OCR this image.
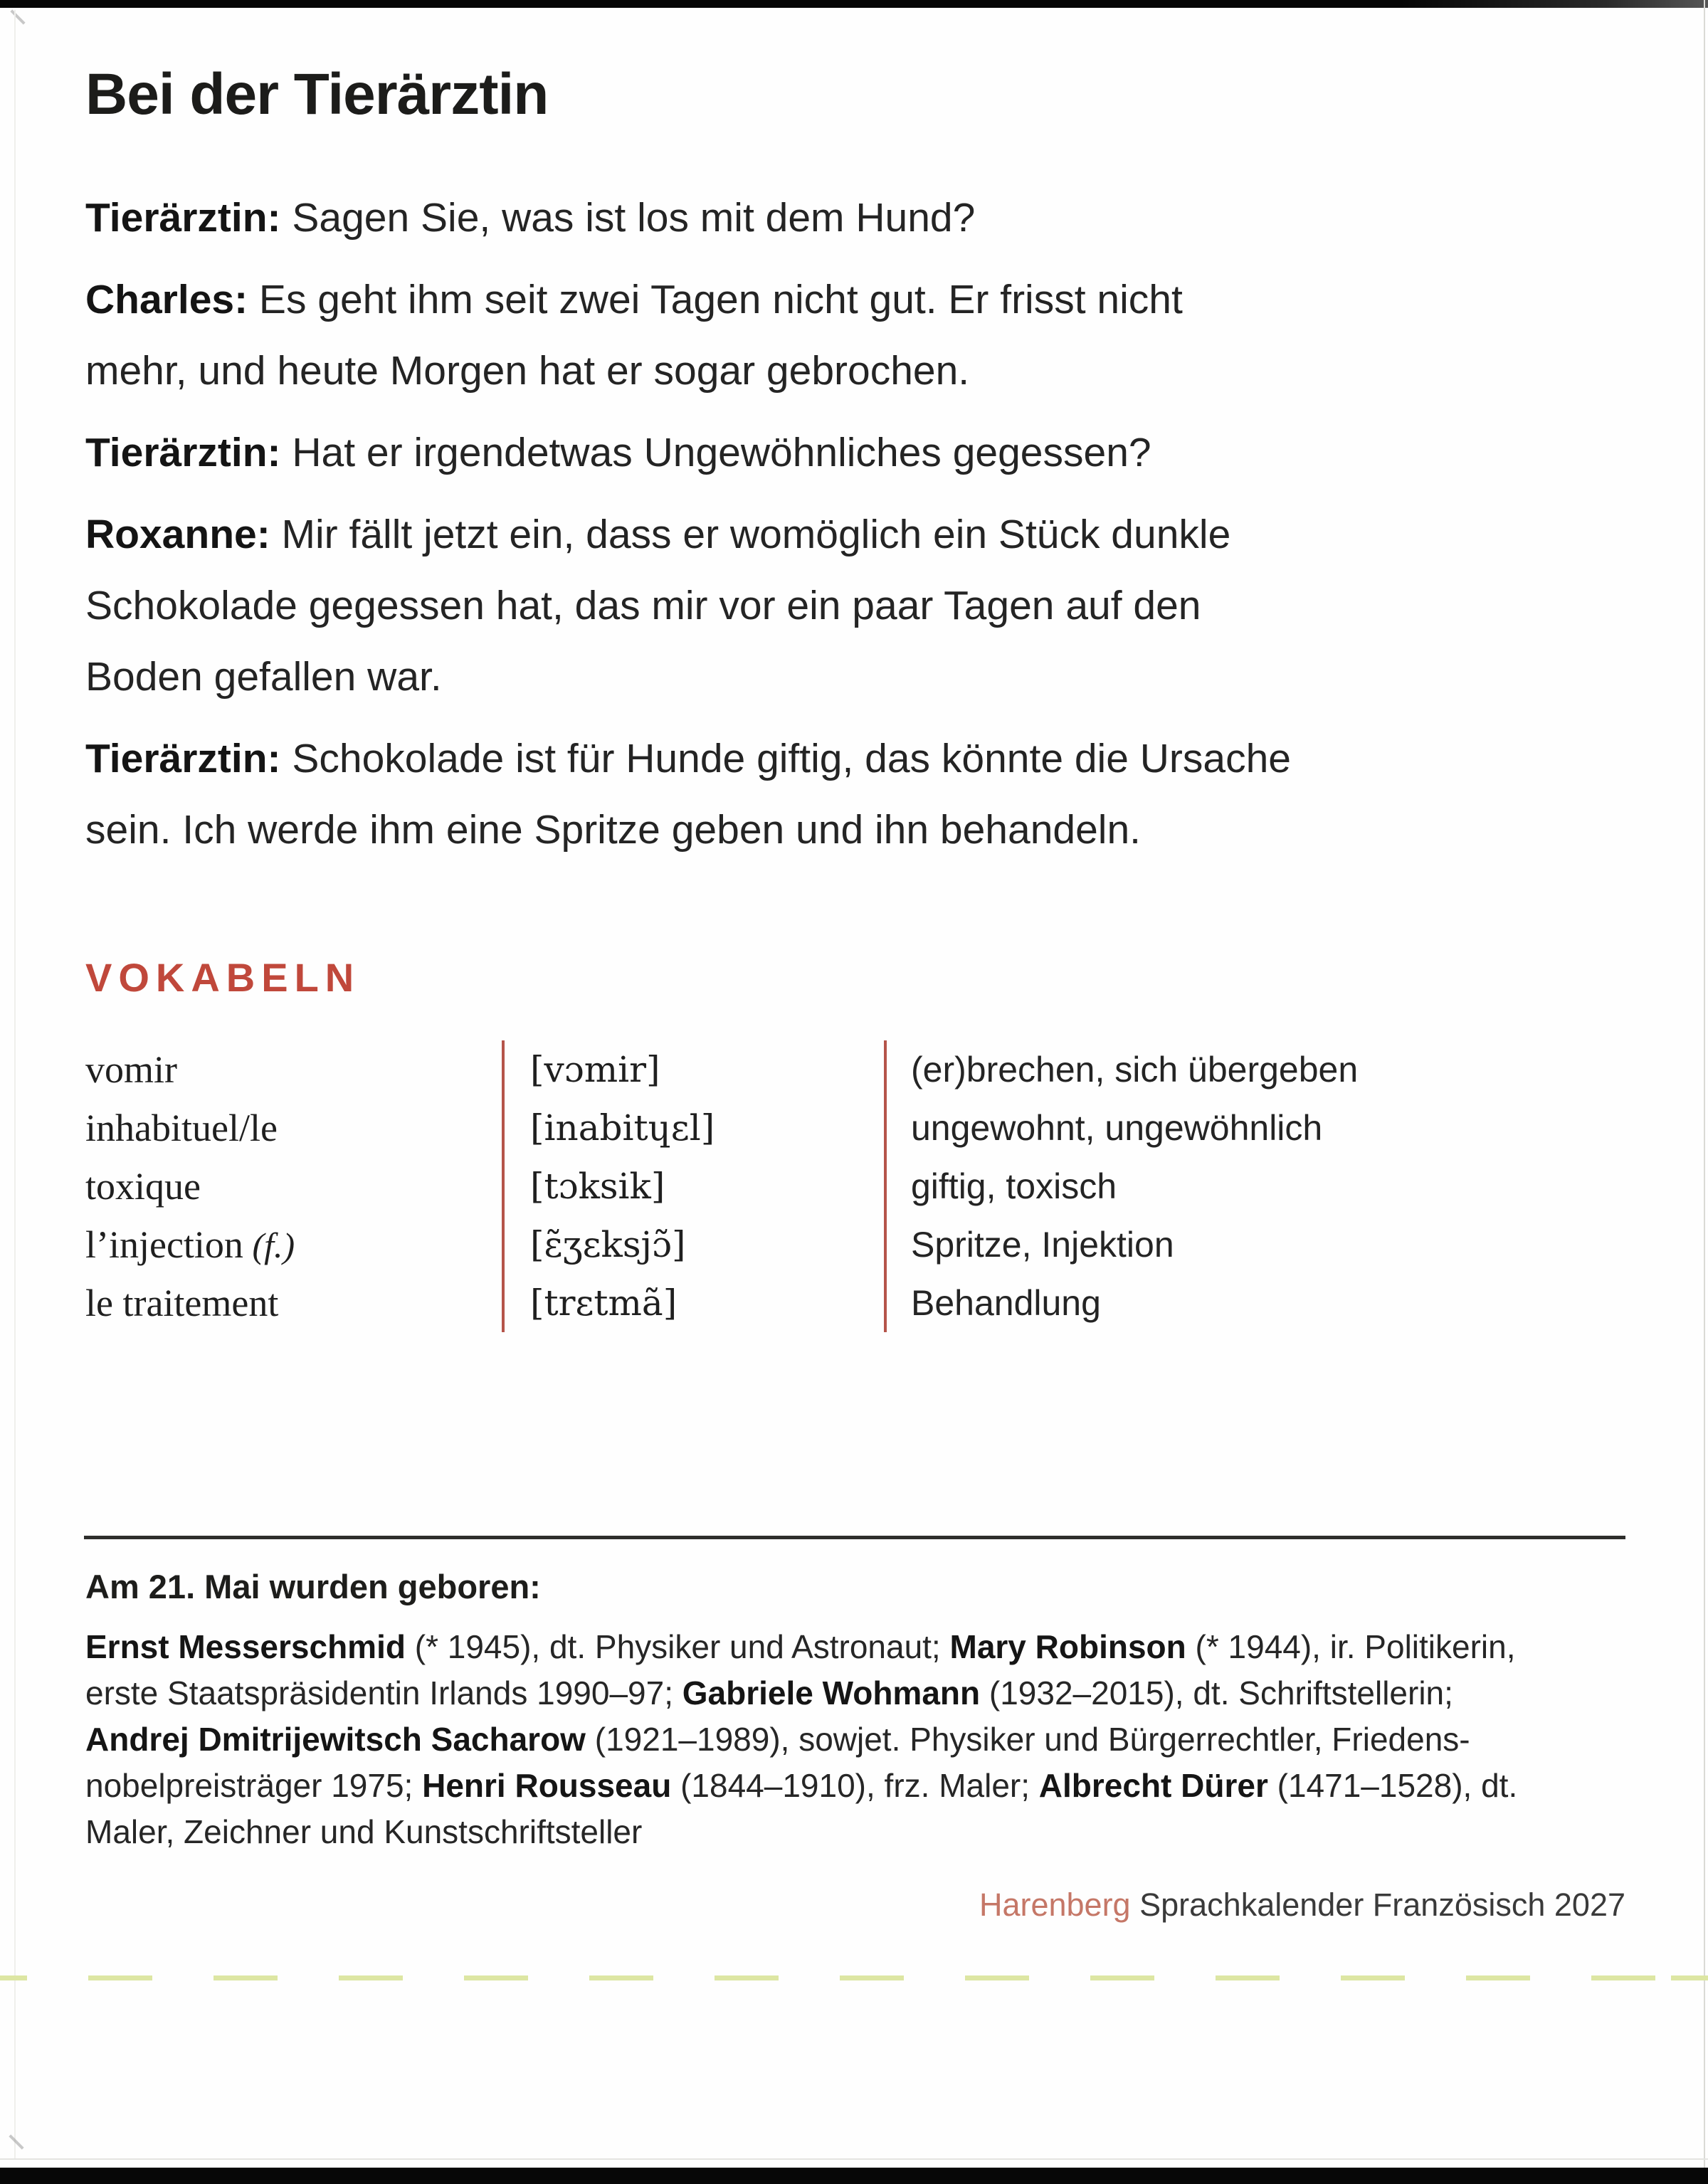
Bei der Tierärztin

Tierärztin: Sagen Sie, was ist los mit dem Hund?

Charles: Es geht ihm seit zwei Tagen nicht gut. Er frisst nicht
mehr, und heute Morgen hat er sogar gebrochen.

Tierärztin: Hat er irgendetwas Ungewöhnliches gegessen?

Roxanne: Mir fällt jetzt ein, dass er womöglich ein Stück dunkle
Schokolade gegessen hat, das mir vor ein paar Tagen auf den
Boden gefallen war.

Tierärztin: Schokolade ist für Hunde giftig, das könnte die Ursache
sein. Ich werde ihm eine Spritze geben und ihn behandeln.

VOKABELN
vomir	[vɔmir]	(er)brechen, sich übergeben
inhabituel/le	[inabitɥɛl]	ungewohnt, ungewöhnlich
toxique	[tɔksik]	giftig, toxisch
l’injection (f.)	[ɛ̃ʒɛksjɔ̃]	Spritze, Injektion
le traitement	[trɛtmã]	Behandlung
Am 21. Mai wurden geboren:
Ernst Messerschmid (* 1945), dt. Physiker und Astronaut; Mary Robinson (* 1944), ir. Politikerin,
erste Staatspräsidentin Irlands 1990–97; Gabriele Wohmann (1932–2015), dt. Schriftstellerin;
Andrej Dmitrijewitsch Sacharow (1921–1989), sowjet. Physiker und Bürgerrechtler, Friedens-
nobelpreisträger 1975; Henri Rousseau (1844–1910), frz. Maler; Albrecht Dürer (1471–1528), dt.
Maler, Zeichner und Kunstschriftsteller
Harenberg Sprachkalender Französisch 2027
